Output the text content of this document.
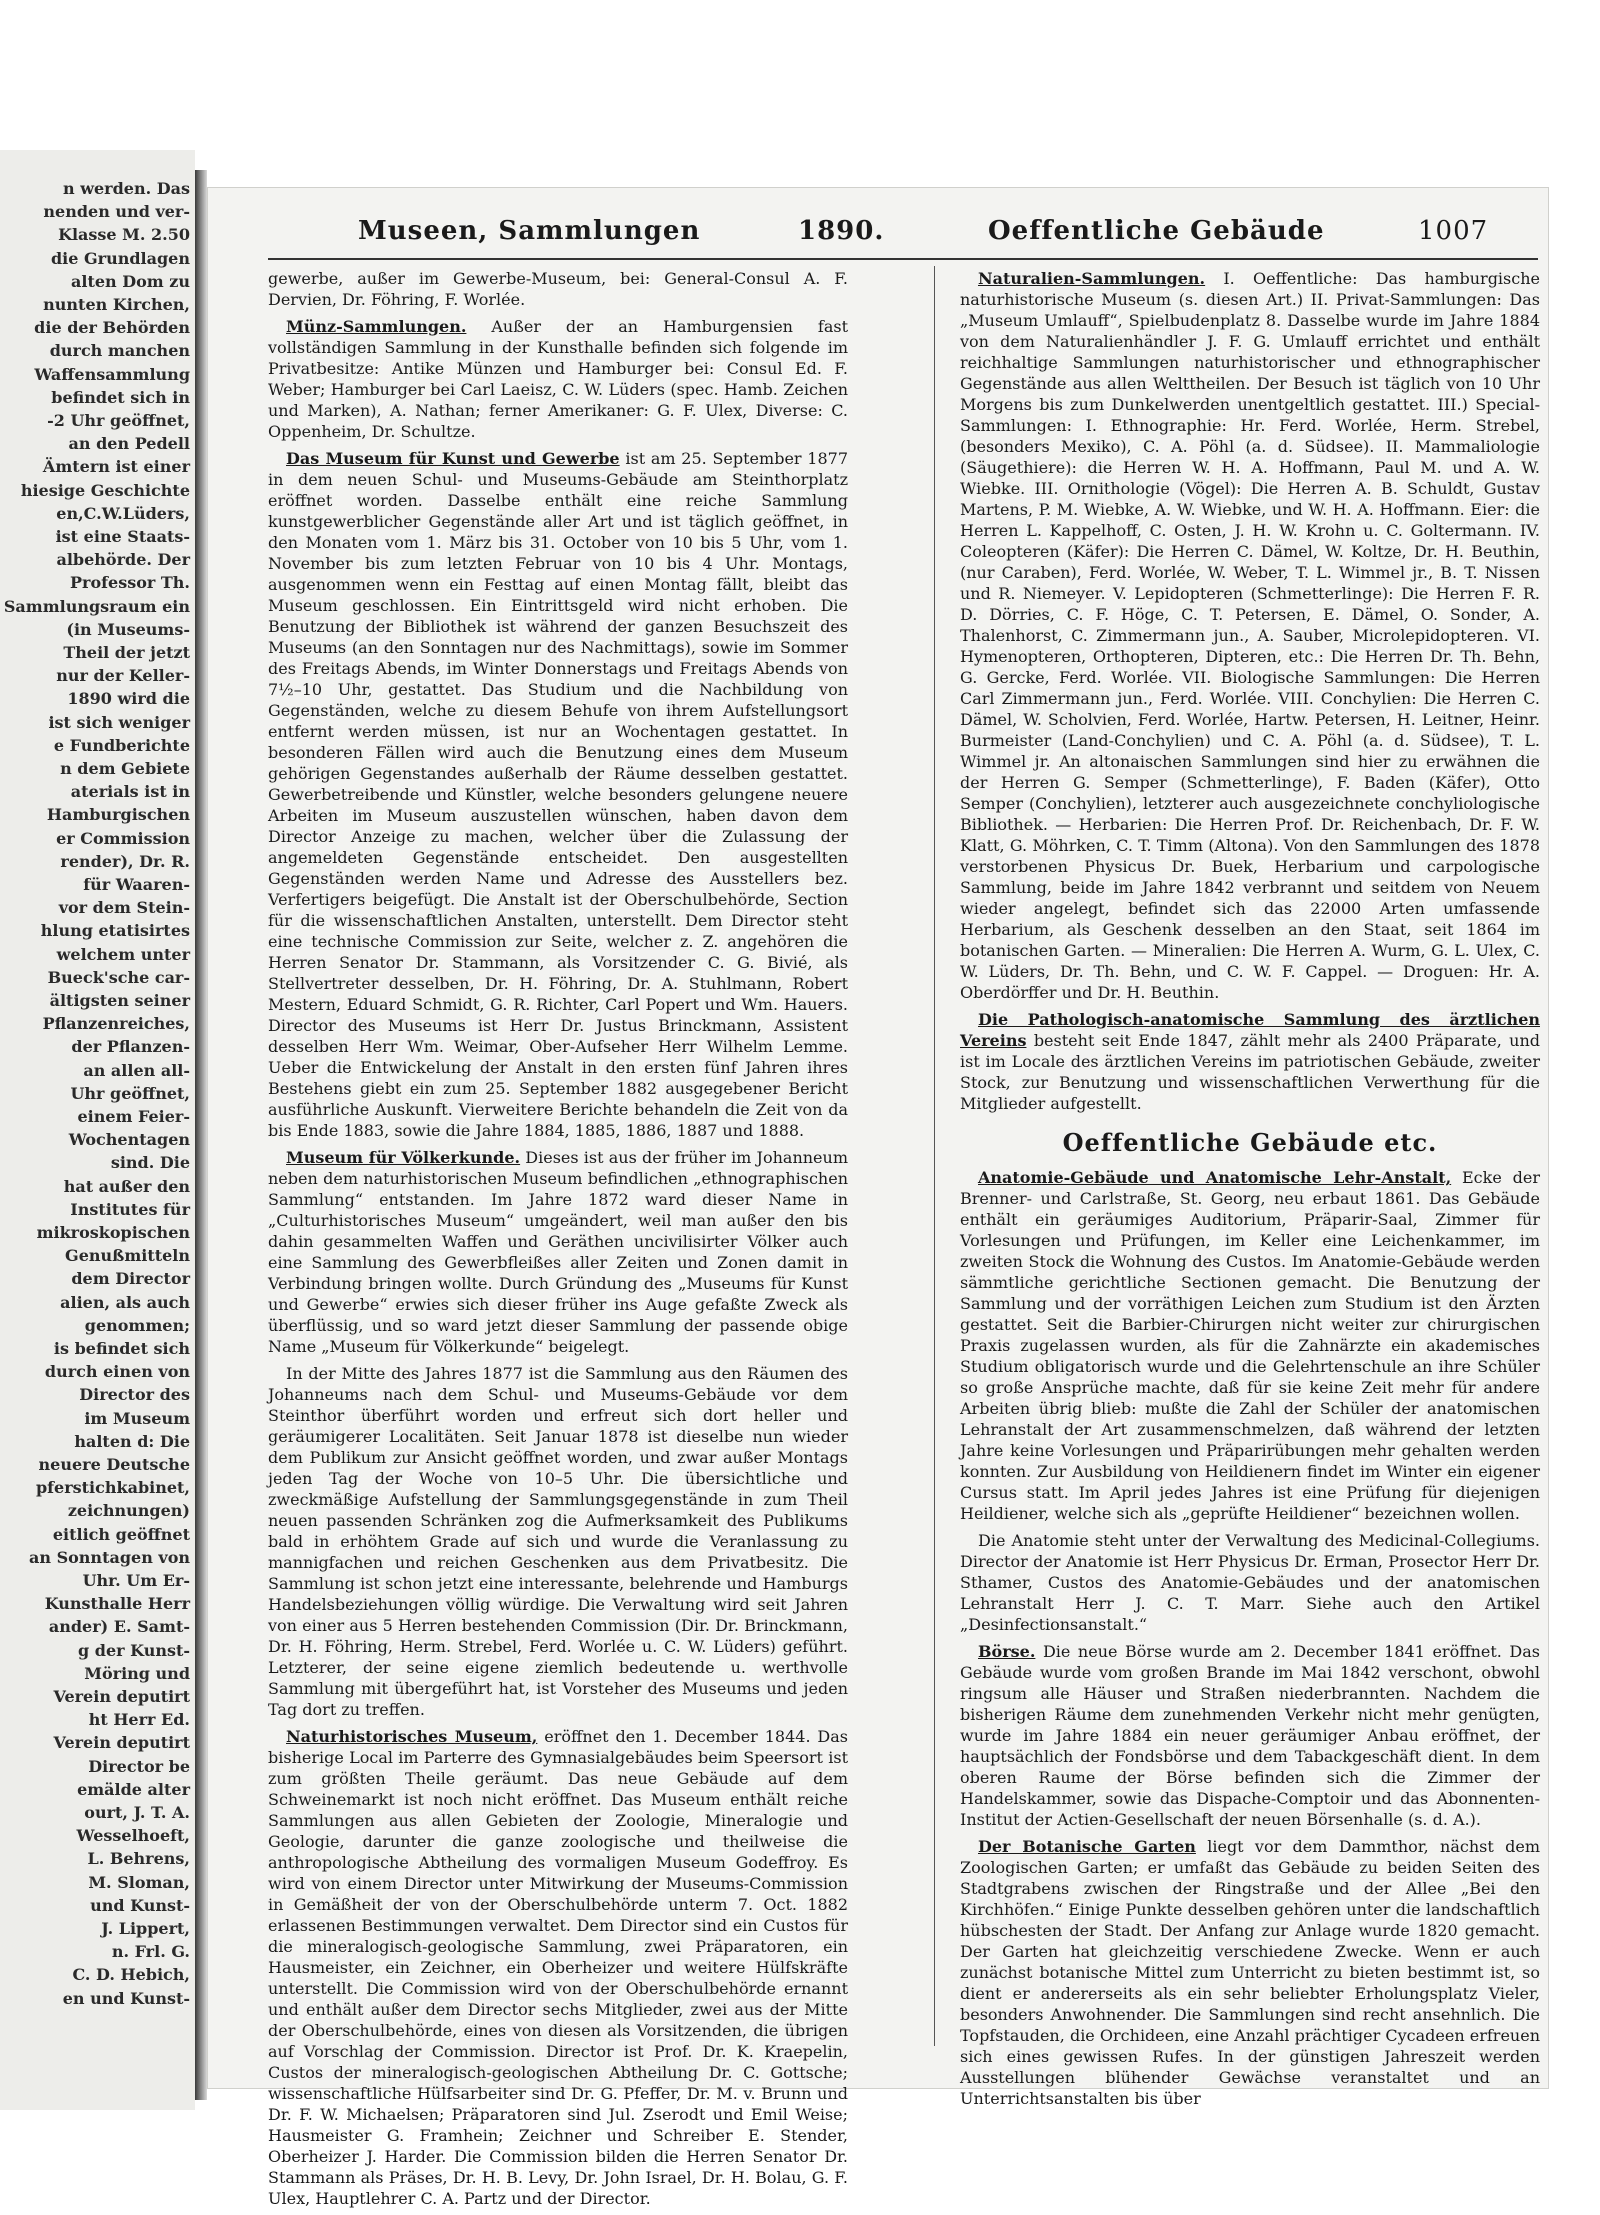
n werden. Das
nenden und ver-
Klasse M. 2.50
die Grundlagen
alten Dom zu
nunten Kirchen,
die der Behörden
durch manchen
Waffensammlung
befindet sich in
-2 Uhr geöffnet,
an den Pedell
Ämtern ist einer
hiesige Geschichte
en,C.W.Lüders,
ist eine Staats-
albehörde. Der
Professor Th.
Sammlungsraum ein
(in Museums-
Theil der jetzt
nur der Keller-
1890 wird die
ist sich weniger
e Fundberichte
n dem Gebiete
aterials ist in
Hamburgischen
er Commission
render), Dr. R.
für Waaren-
vor dem Stein-
hlung etatisirtes
welchem unter
Bueck'sche car-
ältigsten seiner
Pflanzenreiches,
der Pflanzen-
an allen all-
Uhr geöffnet,
einem Feier-
Wochentagen
sind. Die
hat außer den
Institutes für
mikroskopischen
Genußmitteln
dem Director
alien, als auch
genommen;
is befindet sich
durch einen von
Director des
im Museum
halten d: Die
neuere Deutsche
pferstichkabinet,
zeichnungen)
eitlich geöffnet
an Sonntagen von
Uhr. Um Er-
Kunsthalle Herr
ander) E. Samt-
g der Kunst-
Möring und
Verein deputirt
ht Herr Ed.
Verein deputirt
Director be
emälde alter
ourt, J. T. A.
Wesselhoeft,
L. Behrens,
M. Sloman,
und Kunst-
J. Lippert,
n. Frl. G.
C. D. Hebich,
en und Kunst-
Museen, Sammlungen	1890.	Oeffentliche Gebäude	1007

gewerbe, außer im Gewerbe-Museum, bei: General-Consul A. F. Dervien, Dr. Föhring, F. Worlée.

Münz-Sammlungen. Außer der an Hamburgensien fast vollständigen Sammlung in der Kunsthalle befinden sich folgende im Privatbesitze: Antike Münzen und Hamburger bei: Consul Ed. F. Weber; Hamburger bei Carl Laeisz, C. W. Lüders (spec. Hamb. Zeichen und Marken), A. Nathan; ferner Amerikaner: G. F. Ulex, Diverse: C. Oppenheim, Dr. Schultze.

Das Museum für Kunst und Gewerbe ist am 25. September 1877 in dem neuen Schul- und Museums-Gebäude am Steinthorplatz eröffnet worden. Dasselbe enthält eine reiche Sammlung kunstgewerblicher Gegenstände aller Art und ist täglich geöffnet, in den Monaten vom 1. März bis 31. October von 10 bis 5 Uhr, vom 1. November bis zum letzten Februar von 10 bis 4 Uhr. Montags, ausgenommen wenn ein Festtag auf einen Montag fällt, bleibt das Museum geschlossen. Ein Eintrittsgeld wird nicht erhoben. Die Benutzung der Bibliothek ist während der ganzen Besuchszeit des Museums (an den Sonntagen nur des Nachmittags), sowie im Sommer des Freitags Abends, im Winter Donnerstags und Freitags Abends von 7½–10 Uhr, gestattet. Das Studium und die Nachbildung von Gegenständen, welche zu diesem Behufe von ihrem Aufstellungsort entfernt werden müssen, ist nur an Wochentagen gestattet. In besonderen Fällen wird auch die Benutzung eines dem Museum gehörigen Gegenstandes außerhalb der Räume desselben gestattet. Gewerbetreibende und Künstler, welche besonders gelungene neuere Arbeiten im Museum auszustellen wünschen, haben davon dem Director Anzeige zu machen, welcher über die Zulassung der angemeldeten Gegenstände entscheidet. Den ausgestellten Gegenständen werden Name und Adresse des Ausstellers bez. Verfertigers beigefügt. Die Anstalt ist der Oberschulbehörde, Section für die wissenschaftlichen Anstalten, unterstellt. Dem Director steht eine technische Commission zur Seite, welcher z. Z. angehören die Herren Senator Dr. Stammann, als Vorsitzender C. G. Bivié, als Stellvertreter desselben, Dr. H. Föhring, Dr. A. Stuhlmann, Robert Mestern, Eduard Schmidt, G. R. Richter, Carl Popert und Wm. Hauers. Director des Museums ist Herr Dr. Justus Brinckmann, Assistent desselben Herr Wm. Weimar, Ober-Aufseher Herr Wilhelm Lemme. Ueber die Entwickelung der Anstalt in den ersten fünf Jahren ihres Bestehens giebt ein zum 25. September 1882 ausgegebener Bericht ausführliche Auskunft. Vierweitere Berichte behandeln die Zeit von da bis Ende 1883, sowie die Jahre 1884, 1885, 1886, 1887 und 1888.

Museum für Völkerkunde. Dieses ist aus der früher im Johanneum neben dem naturhistorischen Museum befindlichen „ethnographischen Sammlung“ entstanden. Im Jahre 1872 ward dieser Name in „Culturhistorisches Museum“ umgeändert, weil man außer den bis dahin gesammelten Waffen und Geräthen uncivilisirter Völker auch eine Sammlung des Gewerbfleißes aller Zeiten und Zonen damit in Verbindung bringen wollte. Durch Gründung des „Museums für Kunst und Gewerbe“ erwies sich dieser früher ins Auge gefaßte Zweck als überflüssig, und so ward jetzt dieser Sammlung der passende obige Name „Museum für Völkerkunde“ beigelegt.

In der Mitte des Jahres 1877 ist die Sammlung aus den Räumen des Johanneums nach dem Schul- und Museums-Gebäude vor dem Steinthor überführt worden und erfreut sich dort heller und geräumigerer Localitäten. Seit Januar 1878 ist dieselbe nun wieder dem Publikum zur Ansicht geöffnet worden, und zwar außer Montags jeden Tag der Woche von 10–5 Uhr. Die übersichtliche und zweckmäßige Aufstellung der Sammlungsgegenstände in zum Theil neuen passenden Schränken zog die Aufmerksamkeit des Publikums bald in erhöhtem Grade auf sich und wurde die Veranlassung zu mannigfachen und reichen Geschenken aus dem Privatbesitz. Die Sammlung ist schon jetzt eine interessante, belehrende und Hamburgs Handelsbeziehungen völlig würdige. Die Verwaltung wird seit Jahren von einer aus 5 Herren bestehenden Commission (Dir. Dr. Brinckmann, Dr. H. Föhring, Herm. Strebel, Ferd. Worlée u. C. W. Lüders) geführt. Letzterer, der seine eigene ziemlich bedeutende u. werthvolle Sammlung mit übergeführt hat, ist Vorsteher des Museums und jeden Tag dort zu treffen.

Naturhistorisches Museum, eröffnet den 1. December 1844. Das bisherige Local im Parterre des Gymnasialgebäudes beim Speersort ist zum größten Theile geräumt. Das neue Gebäude auf dem Schweinemarkt ist noch nicht eröffnet. Das Museum enthält reiche Sammlungen aus allen Gebieten der Zoologie, Mineralogie und Geologie, darunter die ganze zoologische und theilweise die anthropologische Abtheilung des vormaligen Museum Godeffroy. Es wird von einem Director unter Mitwirkung der Museums-Commission in Gemäßheit der von der Oberschulbehörde unterm 7. Oct. 1882 erlassenen Bestimmungen verwaltet. Dem Director sind ein Custos für die mineralogisch-geologische Sammlung, zwei Präparatoren, ein Hausmeister, ein Zeichner, ein Oberheizer und weitere Hülfskräfte unterstellt. Die Commission wird von der Oberschulbehörde ernannt und enthält außer dem Director sechs Mitglieder, zwei aus der Mitte der Oberschulbehörde, eines von diesen als Vorsitzenden, die übrigen auf Vorschlag der Commission. Director ist Prof. Dr. K. Kraepelin, Custos der mineralogisch-geologischen Abtheilung Dr. C. Gottsche; wissenschaftliche Hülfsarbeiter sind Dr. G. Pfeffer, Dr. M. v. Brunn und Dr. F. W. Michaelsen; Präparatoren sind Jul. Zserodt und Emil Weise; Hausmeister G. Framhein; Zeichner und Schreiber E. Stender, Oberheizer J. Harder. Die Commission bilden die Herren Senator Dr. Stammann als Präses, Dr. H. B. Levy, Dr. John Israel, Dr. H. Bolau, G. F. Ulex, Hauptlehrer C. A. Partz und der Director.

Naturalien-Sammlungen. I. Oeffentliche: Das hamburgische naturhistorische Museum (s. diesen Art.) II. Privat-Sammlungen: Das „Museum Umlauff“, Spielbudenplatz 8. Dasselbe wurde im Jahre 1884 von dem Naturalienhändler J. F. G. Umlauff errichtet und enthält reichhaltige Sammlungen naturhistorischer und ethnographischer Gegenstände aus allen Welttheilen. Der Besuch ist täglich von 10 Uhr Morgens bis zum Dunkelwerden unentgeltlich gestattet. III.) Special-Sammlungen: I. Ethnographie: Hr. Ferd. Worlée, Herm. Strebel, (besonders Mexiko), C. A. Pöhl (a. d. Südsee). II. Mammaliologie (Säugethiere): die Herren W. H. A. Hoffmann, Paul M. und A. W. Wiebke. III. Ornithologie (Vögel): Die Herren A. B. Schuldt, Gustav Martens, P. M. Wiebke, A. W. Wiebke, und W. H. A. Hoffmann. Eier: die Herren L. Kappelhoff, C. Osten, J. H. W. Krohn u. C. Goltermann. IV. Coleopteren (Käfer): Die Herren C. Dämel, W. Koltze, Dr. H. Beuthin, (nur Caraben), Ferd. Worlée, W. Weber, T. L. Wimmel jr., B. T. Nissen und R. Niemeyer. V. Lepidopteren (Schmetterlinge): Die Herren F. R. D. Dörries, C. F. Höge, C. T. Petersen, E. Dämel, O. Sonder, A. Thalenhorst, C. Zimmermann jun., A. Sauber, Microlepidopteren. VI. Hymenopteren, Orthopteren, Dipteren, etc.: Die Herren Dr. Th. Behn, G. Gercke, Ferd. Worlée. VII. Biologische Sammlungen: Die Herren Carl Zimmermann jun., Ferd. Worlée. VIII. Conchylien: Die Herren C. Dämel, W. Scholvien, Ferd. Worlée, Hartw. Petersen, H. Leitner, Heinr. Burmeister (Land-Conchylien) und C. A. Pöhl (a. d. Südsee), T. L. Wimmel jr. An altonaischen Sammlungen sind hier zu erwähnen die der Herren G. Semper (Schmetterlinge), F. Baden (Käfer), Otto Semper (Conchylien), letzterer auch ausgezeichnete conchyliologische Bibliothek. — Herbarien: Die Herren Prof. Dr. Reichenbach, Dr. F. W. Klatt, G. Möhrken, C. T. Timm (Altona). Von den Sammlungen des 1878 verstorbenen Physicus Dr. Buek, Herbarium und carpologische Sammlung, beide im Jahre 1842 verbrannt und seitdem von Neuem wieder angelegt, befindet sich das 22000 Arten umfassende Herbarium, als Geschenk desselben an den Staat, seit 1864 im botanischen Garten. — Mineralien: Die Herren A. Wurm, G. L. Ulex, C. W. Lüders, Dr. Th. Behn, und C. W. F. Cappel. — Droguen: Hr. A. Oberdörffer und Dr. H. Beuthin.

Die Pathologisch-anatomische Sammlung des ärztlichen Vereins besteht seit Ende 1847, zählt mehr als 2400 Präparate, und ist im Locale des ärztlichen Vereins im patriotischen Gebäude, zweiter Stock, zur Benutzung und wissenschaftlichen Verwerthung für die Mitglieder aufgestellt.

Oeffentliche Gebäude etc.

Anatomie-Gebäude und Anatomische Lehr-Anstalt, Ecke der Brenner- und Carlstraße, St. Georg, neu erbaut 1861. Das Gebäude enthält ein geräumiges Auditorium, Präparir-Saal, Zimmer für Vorlesungen und Prüfungen, im Keller eine Leichenkammer, im zweiten Stock die Wohnung des Custos. Im Anatomie-Gebäude werden sämmtliche gerichtliche Sectionen gemacht. Die Benutzung der Sammlung und der vorräthigen Leichen zum Studium ist den Ärzten gestattet. Seit die Barbier-Chirurgen nicht weiter zur chirurgischen Praxis zugelassen wurden, als für die Zahnärzte ein akademisches Studium obligatorisch wurde und die Gelehrtenschule an ihre Schüler so große Ansprüche machte, daß für sie keine Zeit mehr für andere Arbeiten übrig blieb: mußte die Zahl der Schüler der anatomischen Lehranstalt der Art zusammenschmelzen, daß während der letzten Jahre keine Vorlesungen und Präparirübungen mehr gehalten werden konnten. Zur Ausbildung von Heildienern findet im Winter ein eigener Cursus statt. Im April jedes Jahres ist eine Prüfung für diejenigen Heildiener, welche sich als „geprüfte Heildiener“ bezeichnen wollen.

Die Anatomie steht unter der Verwaltung des Medicinal-Collegiums. Director der Anatomie ist Herr Physicus Dr. Erman, Prosector Herr Dr. Sthamer, Custos des Anatomie-Gebäudes und der anatomischen Lehranstalt Herr J. C. T. Marr. Siehe auch den Artikel „Desinfectionsanstalt.“

Börse. Die neue Börse wurde am 2. December 1841 eröffnet. Das Gebäude wurde vom großen Brande im Mai 1842 verschont, obwohl ringsum alle Häuser und Straßen niederbrannten. Nachdem die bisherigen Räume dem zunehmenden Verkehr nicht mehr genügten, wurde im Jahre 1884 ein neuer geräumiger Anbau eröffnet, der hauptsächlich der Fondsbörse und dem Tabackgeschäft dient. In dem oberen Raume der Börse befinden sich die Zimmer der Handelskammer, sowie das Dispache-Comptoir und das Abonnenten-Institut der Actien-Gesellschaft der neuen Börsenhalle (s. d. A.).

Der Botanische Garten liegt vor dem Dammthor, nächst dem Zoologischen Garten; er umfaßt das Gebäude zu beiden Seiten des Stadtgrabens zwischen der Ringstraße und der Allee „Bei den Kirchhöfen.“ Einige Punkte desselben gehören unter die landschaftlich hübschesten der Stadt. Der Anfang zur Anlage wurde 1820 gemacht. Der Garten hat gleichzeitig verschiedene Zwecke. Wenn er auch zunächst botanische Mittel zum Unterricht zu bieten bestimmt ist, so dient er andererseits als ein sehr beliebter Erholungsplatz Vieler, besonders Anwohnender. Die Sammlungen sind recht ansehnlich. Die Topfstauden, die Orchideen, eine Anzahl prächtiger Cycadeen erfreuen sich eines gewissen Rufes. In der günstigen Jahreszeit werden Ausstellungen blühender Gewächse veranstaltet und an Unterrichtsanstalten bis über
